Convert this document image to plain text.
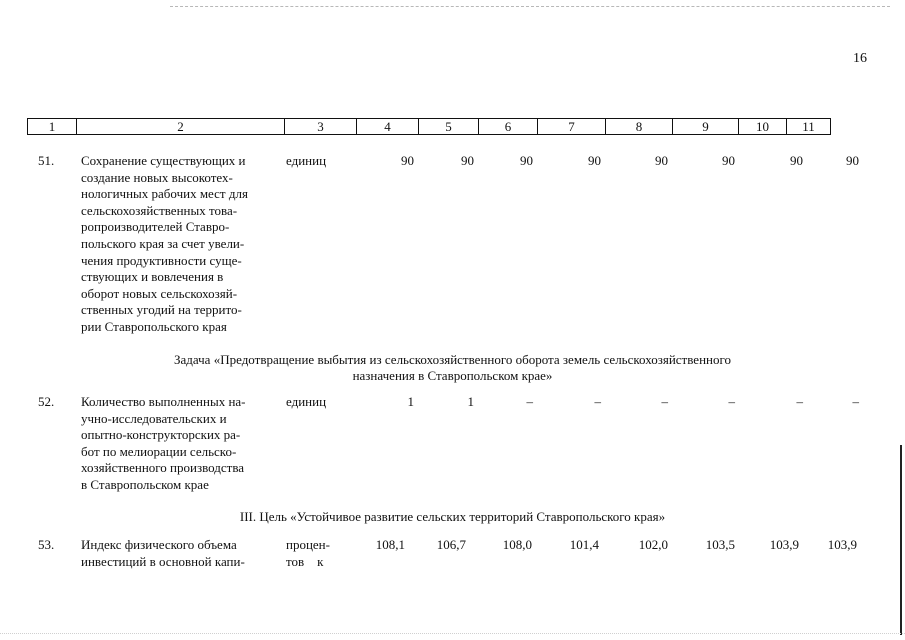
16
1	2	3	4	5	6	7	8	9	10	11
51. Сохранение существующих и
создание новых высокотех-
нологичных рабочих мест для
сельскохозяйственных това-
ропроизводителей Ставро-
польского края за счет увели-
чения продуктивности суще-
ствующих и вовлечения в
оборот новых сельскохозяй-
ственных угодий на террито-
рии Ставропольского края
единиц	90	90	90	90	90	90	90	90
Задача «Предотвращение выбытия из сельскохозяйственного оборота земель сельскохозяйственного
назначения в Ставропольском крае»
52. Количество выполненных на-
учно-исследовательских и
опытно-конструкторских ра-
бот по мелиорации сельско-
хозяйственного производства
в Ставропольском крае
единиц	1	1	–	–	–	–	–	–
III. Цель «Устойчивое развитие сельских территорий Ставропольского края»
53. Индекс физического объема
инвестиций в основной капи-
процен-
тов    к
108,1 106,7	108,0	101,4	102,0	103,5	103,9 103,9
